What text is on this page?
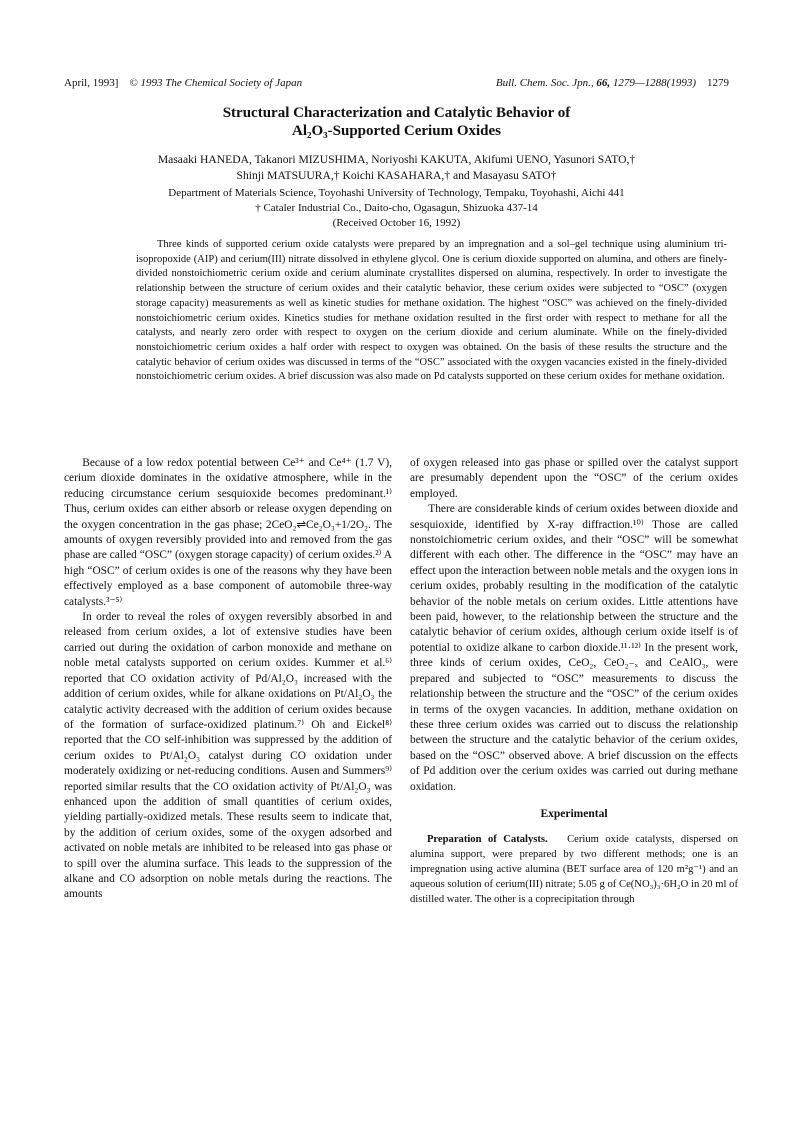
April, 1993] © 1993 The Chemical Society of Japan	Bull. Chem. Soc. Jpn., 66, 1279—1288(1993) 1279
Structural Characterization and Catalytic Behavior of
Al₂O₃-Supported Cerium Oxides
Masaaki HANEDA, Takanori MIZUSHIMA, Noriyoshi KAKUTA, Akifumi UENO, Yasunori SATO,†
Shinji MATSUURA,† Koichi KASAHARA,† and Masayasu SATO†
Department of Materials Science, Toyohashi University of Technology, Tempaku, Toyohashi, Aichi 441
† Cataler Industrial Co., Daito-cho, Ogasagun, Shizuoka 437-14
(Received October 16, 1992)
Three kinds of supported cerium oxide catalysts were prepared by an impregnation and a sol–gel technique using aluminium tri-isopropoxide (AIP) and cerium(III) nitrate dissolved in ethylene glycol. One is cerium dioxide supported on alumina, and others are finely-divided nonstoichiometric cerium oxide and cerium aluminate crystallites dispersed on alumina, respectively. In order to investigate the relationship between the structure of cerium oxides and their catalytic behavior, these cerium oxides were subjected to “OSC” (oxygen storage capacity) measurements as well as kinetic studies for methane oxidation. The highest “OSC” was achieved on the finely-divided nonstoichiometric cerium oxides. Kinetics studies for methane oxidation resulted in the first order with respect to methane for all the catalysts, and nearly zero order with respect to oxygen on the cerium dioxide and cerium aluminate. While on the finely-divided nonstoichiometric cerium oxides a half order with respect to oxygen was obtained. On the basis of these results the structure and the catalytic behavior of cerium oxides was discussed in terms of the “OSC” associated with the oxygen vacancies existed in the finely-divided nonstoichiometric cerium oxides. A brief discussion was also made on Pd catalysts supported on these cerium oxides for methane oxidation.

Because of a low redox potential between Ce³⁺ and Ce⁴⁺ (1.7 V), cerium dioxide dominates in the oxidative atmosphere, while in the reducing circumstance cerium sesquioxide becomes predominant.¹⁾ Thus, cerium oxides can either absorb or release oxygen depending on the oxygen concentration in the gas phase; 2CeO₂⇌Ce₂O₃+1/2O₂. The amounts of oxygen reversibly provided into and removed from the gas phase are called “OSC” (oxygen storage capacity) of cerium oxides.²⁾ A high “OSC” of cerium oxides is one of the reasons why they have been effectively employed as a base component of automobile three-way catalysts.³⁻⁵⁾

In order to reveal the roles of oxygen reversibly absorbed in and released from cerium oxides, a lot of extensive studies have been carried out during the oxidation of carbon monoxide and methane on noble metal catalysts supported on cerium oxides. Kummer et al.⁶⁾ reported that CO oxidation activity of Pd/Al₂O₃ increased with the addition of cerium oxides, while for alkane oxidations on Pt/Al₂O₃ the catalytic activity decreased with the addition of cerium oxides because of the formation of surface-oxidized platinum.⁷⁾ Oh and Eickel⁸⁾ reported that the CO self-inhibition was suppressed by the addition of cerium oxides to Pt/Al₂O₃ catalyst during CO oxidation under moderately oxidizing or net-reducing conditions. Ausen and Summers⁹⁾ reported similar results that the CO oxidation activity of Pt/Al₂O₃ was enhanced upon the addition of small quantities of cerium oxides, yielding partially-oxidized metals. These results seem to indicate that, by the addition of cerium oxides, some of the oxygen adsorbed and activated on noble metals are inhibited to be released into gas phase or to spill over the alumina surface. This leads to the suppression of the alkane and CO adsorption on noble metals during the reactions. The amounts

of oxygen released into gas phase or spilled over the catalyst support are presumably dependent upon the “OSC” of the cerium oxides employed.

There are considerable kinds of cerium oxides between dioxide and sesquioxide, identified by X-ray diffraction.¹⁰⁾ Those are called nonstoichiometric cerium oxides, and their “OSC” will be somewhat different with each other. The difference in the “OSC” may have an effect upon the interaction between noble metals and the oxygen ions in cerium oxides, probably resulting in the modification of the catalytic behavior of the noble metals on cerium oxides. Little attentions have been paid, however, to the relationship between the structure and the catalytic behavior of cerium oxides, although cerium oxide itself is of potential to oxidize alkane to carbon dioxide.¹¹·¹²⁾ In the present work, three kinds of cerium oxides, CeO₂, CeO₂₋ₓ and CeAlO₃, were prepared and subjected to “OSC” measurements to discuss the relationship between the structure and the “OSC” of the cerium oxides in terms of the oxygen vacancies. In addition, methane oxidation on these three cerium oxides was carried out to discuss the relationship between the structure and the catalytic behavior of the cerium oxides, based on the “OSC” observed above. A brief discussion on the effects of Pd addition over the cerium oxides was carried out during methane oxidation.

Experimental

Preparation of Catalysts. Cerium oxide catalysts, dispersed on alumina support, were prepared by two different methods; one is an impregnation using active alumina (BET surface area of 120 m²g⁻¹) and an aqueous solution of cerium(III) nitrate; 5.05 g of Ce(NO₃)₃·6H₂O in 20 ml of distilled water. The other is a coprecipitation through
